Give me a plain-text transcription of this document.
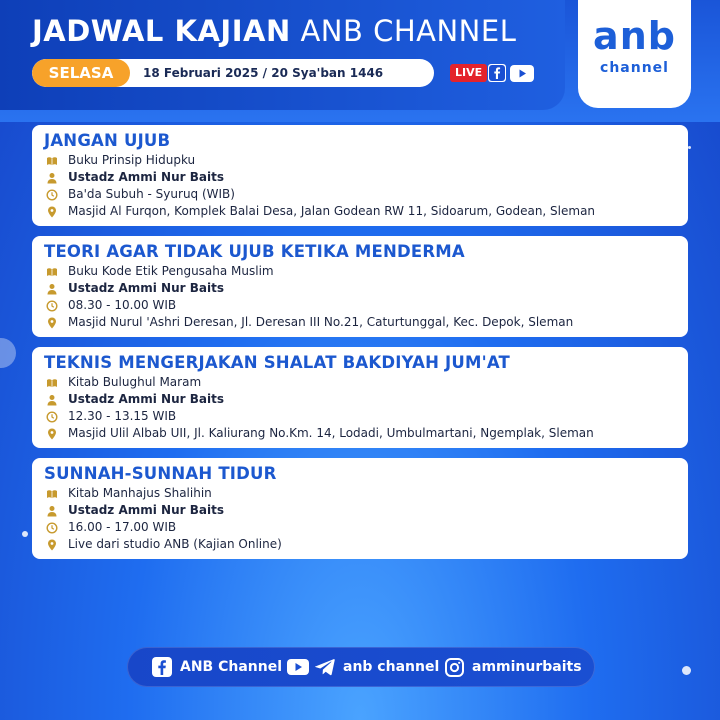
JADWAL KAJIAN ANB CHANNEL
SELASA	18 Februari 2025 / 20 Sya'ban 1446	LIVE
anb
channel
JANGAN UJUB
Buku Prinsip Hidupku
Ustadz Ammi Nur Baits
Ba'da Subuh - Syuruq (WIB)
Masjid Al Furqon, Komplek Balai Desa, Jalan Godean RW 11, Sidoarum, Godean, Sleman
TEORI AGAR TIDAK UJUB KETIKA MENDERMA
Buku Kode Etik Pengusaha Muslim
Ustadz Ammi Nur Baits
08.30 - 10.00 WIB
Masjid Nurul 'Ashri Deresan, Jl. Deresan III No.21, Caturtunggal, Kec. Depok, Sleman
TEKNIS MENGERJAKAN SHALAT BAKDIYAH JUM'AT
Kitab Bulughul Maram
Ustadz Ammi Nur Baits
12.30 - 13.15 WIB
Masjid Ulil Albab UII, Jl. Kaliurang No.Km. 14, Lodadi, Umbulmartani, Ngemplak, Sleman
SUNNAH-SUNNAH TIDUR
Kitab Manhajus Shalihin
Ustadz Ammi Nur Baits
16.00 - 17.00 WIB
Live dari studio ANB (Kajian Online)
ANB Channel	anb channel	amminurbaits
